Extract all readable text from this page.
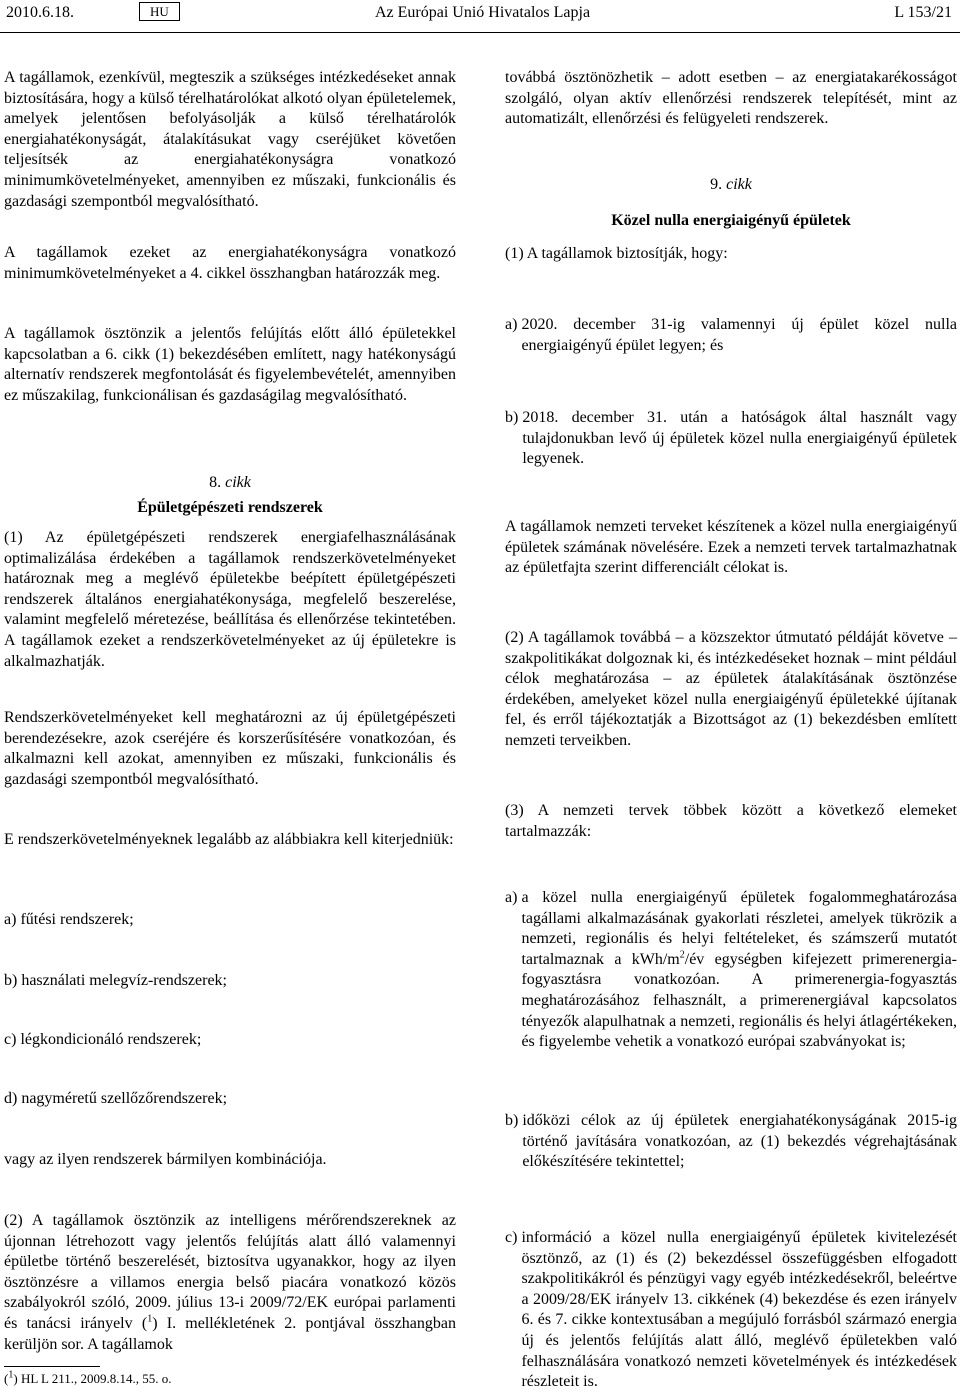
2010.6.18.	HU	Az Európai Unió Hivatalos Lapja	L 153/21

A tagállamok, ezenkívül, megteszik a szükséges intézkedéseket annak biztosítására, hogy a külső térelhatárolókat alkotó olyan épületelemek, amelyek jelentősen befolyásolják a külső térelhatárolók energiahatékonyságát, átalakításukat vagy cseréjüket követően teljesítsék az energiahatékonyságra vonatkozó minimumkövetelményeket, amennyiben ez műszaki, funkcionális és gazdasági szempontból megvalósítható.

A tagállamok ezeket az energiahatékonyságra vonatkozó minimumkövetelményeket a 4. cikkel összhangban határozzák meg.

A tagállamok ösztönzik a jelentős felújítás előtt álló épületekkel kapcsolatban a 6. cikk (1) bekezdésében említett, nagy hatékonyságú alternatív rendszerek megfontolását és figyelembevételét, amennyiben ez műszakilag, funkcionálisan és gazdaságilag megvalósítható.

8. cikk
Épületgépészeti rendszerek

(1) Az épületgépészeti rendszerek energiafelhasználásának optimalizálása érdekében a tagállamok rendszerkövetelményeket határoznak meg a meglévő épületekbe beépített épületgépészeti rendszerek általános energiahatékonysága, megfelelő beszerelése, valamint megfelelő méretezése, beállítása és ellenőrzése tekintetében. A tagállamok ezeket a rendszerkövetelményeket az új épületekre is alkalmazhatják.

Rendszerkövetelményeket kell meghatározni az új épületgépészeti berendezésekre, azok cseréjére és korszerűsítésére vonatkozóan, és alkalmazni kell azokat, amennyiben ez műszaki, funkcionális és gazdasági szempontból megvalósítható.

E rendszerkövetelményeknek legalább az alábbiakra kell kiterjedniük:

a)
fűtési rendszerek;
b)
használati melegvíz-rendszerek;
c)
légkondicionáló rendszerek;
d)
nagyméretű szellőzőrendszerek;

vagy az ilyen rendszerek bármilyen kombinációja.

(2) A tagállamok ösztönzik az intelligens mérőrendszereknek az újonnan létrehozott vagy jelentős felújítás alatt álló valamennyi épületbe történő beszerelését, biztosítva ugyanakkor, hogy az ilyen ösztönzésre a villamos energia belső piacára vonatkozó közös szabályokról szóló, 2009. július 13-i 2009/72/EK európai parlamenti és tanácsi irányelv ($^1$) I. mellékletének 2. pontjával összhangban kerüljön sor. A tagállamok

($^1$) HL L 211., 2009.8.14., 55. o.

továbbá ösztönözhetik – adott esetben – az energiatakarékosságot szolgáló, olyan aktív ellenőrzési rendszerek telepítését, mint az automatizált, ellenőrzési és felügyeleti rendszerek.

9. cikk
Közel nulla energiaigényű épületek

(1) A tagállamok biztosítják, hogy:

a)
2020. december 31-ig valamennyi új épület közel nulla energiaigényű épület legyen; és
b)
2018. december 31. után a hatóságok által használt vagy tulajdonukban levő új épületek közel nulla energiaigényű épületek legyenek.

A tagállamok nemzeti terveket készítenek a közel nulla energiaigényű épületek számának növelésére. Ezek a nemzeti tervek tartalmazhatnak az épületfajta szerint differenciált célokat is.

(2) A tagállamok továbbá – a közszektor útmutató példáját követve – szakpolitikákat dolgoznak ki, és intézkedéseket hoznak – mint például célok meghatározása – az épületek átalakításának ösztönzése érdekében, amelyeket közel nulla energiaigényű épületekké újítanak fel, és erről tájékoztatják a Bizottságot az (1) bekezdésben említett nemzeti terveikben.

(3) A nemzeti tervek többek között a következő elemeket tartalmazzák:

a)
a közel nulla energiaigényű épületek fogalommeghatározása tagállami alkalmazásának gyakorlati részletei, amelyek tükrözik a nemzeti, regionális és helyi feltételeket, és számszerű mutatót tartalmaznak a kWh/$m^2/év$ egységben kifejezett primerenergia-fogyasztásra vonatkozóan. A primerenergia-fogyasztás meghatározásához felhasznált, a primerenergiával kapcsolatos tényezők alapulhatnak a nemzeti, regionális és helyi átlagértékeken, és figyelembe vehetik a vonatkozó európai szabványokat is;
b)
időközi célok az új épületek energiahatékonyságának 2015-ig történő javítására vonatkozóan, az (1) bekezdés végrehajtásának előkészítésére tekintettel;
c)
információ a közel nulla energiaigényű épületek kivitelezését ösztönző, az (1) és (2) bekezdéssel összefüggésben elfogadott szakpolitikákról és pénzügyi vagy egyéb intézkedésekről, beleértve a 2009/28/EK irányelv 13. cikkének (4) bekezdése és ezen irányelv 6. és 7. cikke kontextusában a megújuló forrásból származó energia új és jelentős felújítás alatt álló, meglévő épületekben való felhasználására vonatkozó nemzeti követelmények és intézkedések részleteit is.
